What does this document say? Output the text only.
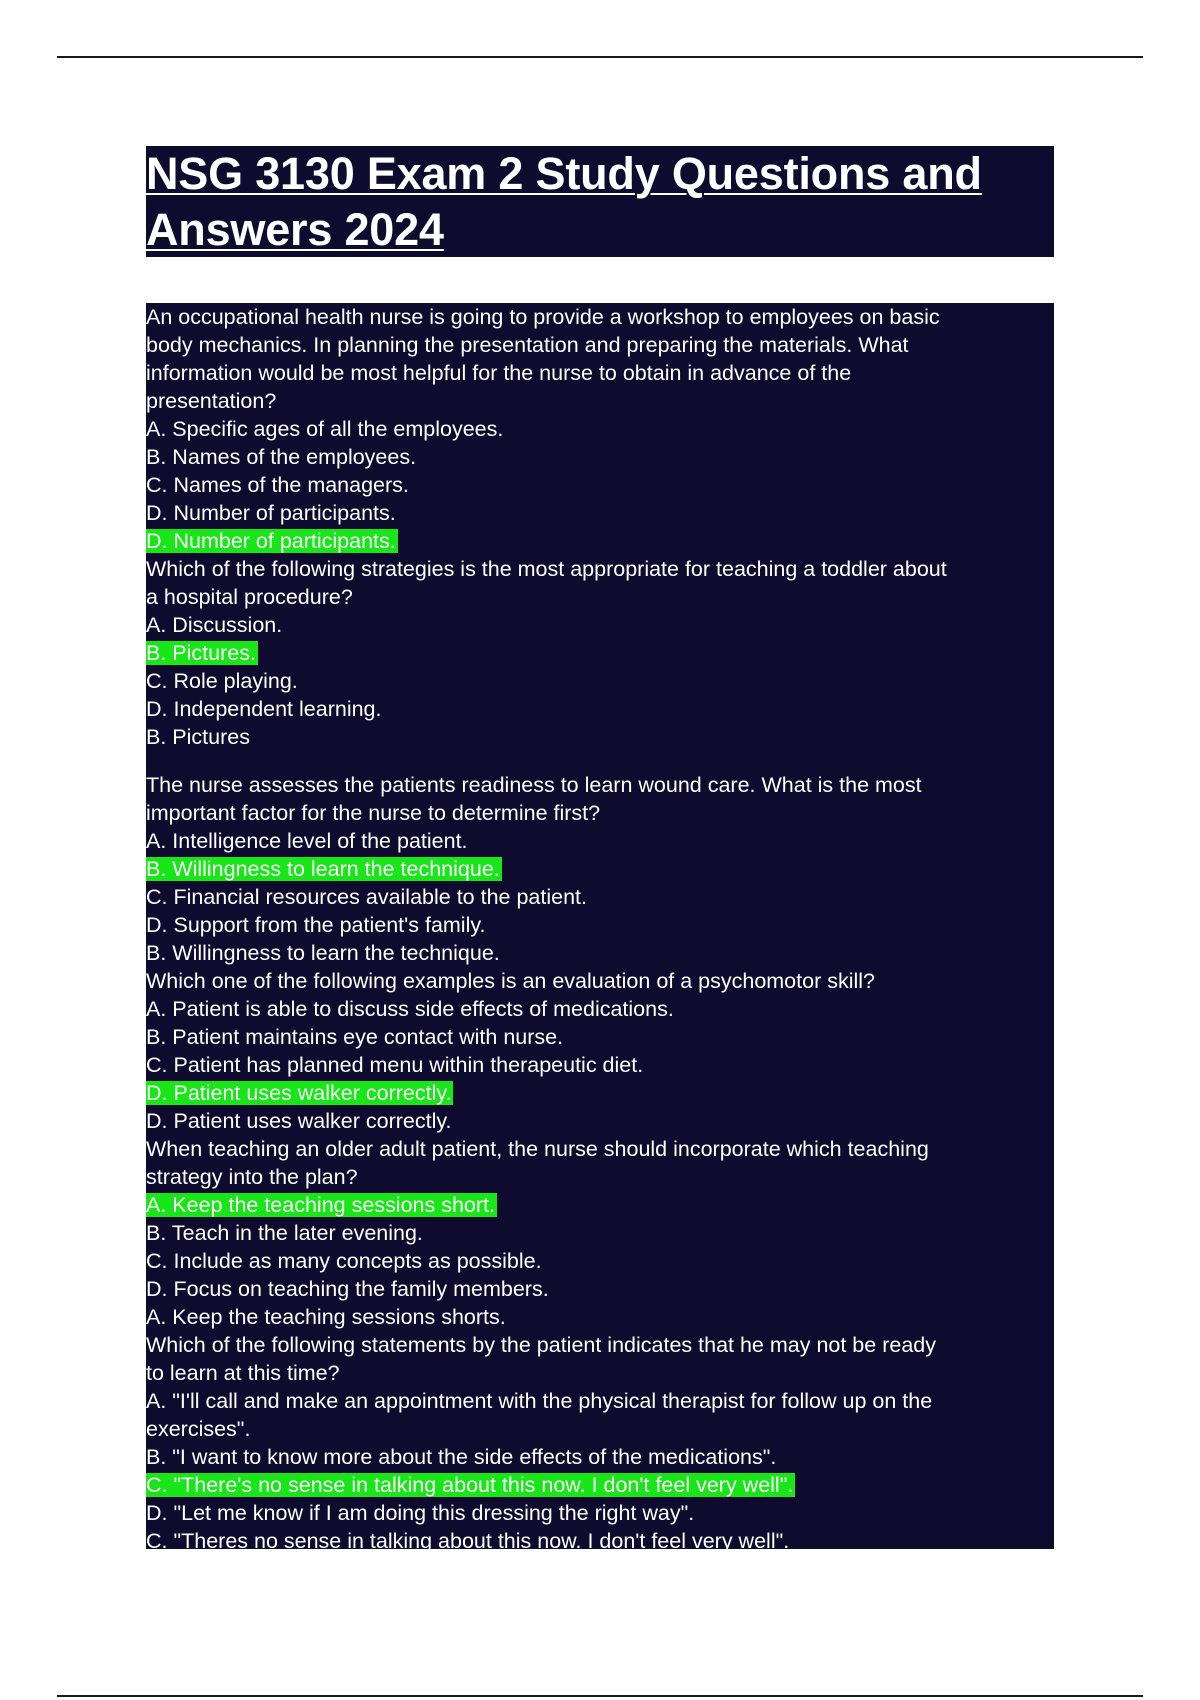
NSG 3130 Exam 2 Study Questions and
Answers 2024
An occupational health nurse is going to provide a workshop to employees on basic
body mechanics. In planning the presentation and preparing the materials. What
information would be most helpful for the nurse to obtain in advance of the
presentation?
A. Specific ages of all the employees.
B. Names of the employees.
C. Names of the managers.
D. Number of participants.
D. Number of participants.
Which of the following strategies is the most appropriate for teaching a toddler about
a hospital procedure?
A. Discussion.
B. Pictures.
C. Role playing.
D. Independent learning.
B. Pictures
The nurse assesses the patients readiness to learn wound care. What is the most
important factor for the nurse to determine first?
A. Intelligence level of the patient.
B. Willingness to learn the technique.
C. Financial resources available to the patient.
D. Support from the patient's family.
B. Willingness to learn the technique.
Which one of the following examples is an evaluation of a psychomotor skill?
A. Patient is able to discuss side effects of medications.
B. Patient maintains eye contact with nurse.
C. Patient has planned menu within therapeutic diet.
D. Patient uses walker correctly.
D. Patient uses walker correctly.
When teaching an older adult patient, the nurse should incorporate which teaching
strategy into the plan?
A. Keep the teaching sessions short.
B. Teach in the later evening.
C. Include as many concepts as possible.
D. Focus on teaching the family members.
A. Keep the teaching sessions shorts.
Which of the following statements by the patient indicates that he may not be ready
to learn at this time?
A. "I'll call and make an appointment with the physical therapist for follow up on the
exercises".
B. "I want to know more about the side effects of the medications".
C. "There's no sense in talking about this now. I don't feel very well".
D. "Let me know if I am doing this dressing the right way".
C. "Theres no sense in talking about this now. I don't feel very well".
